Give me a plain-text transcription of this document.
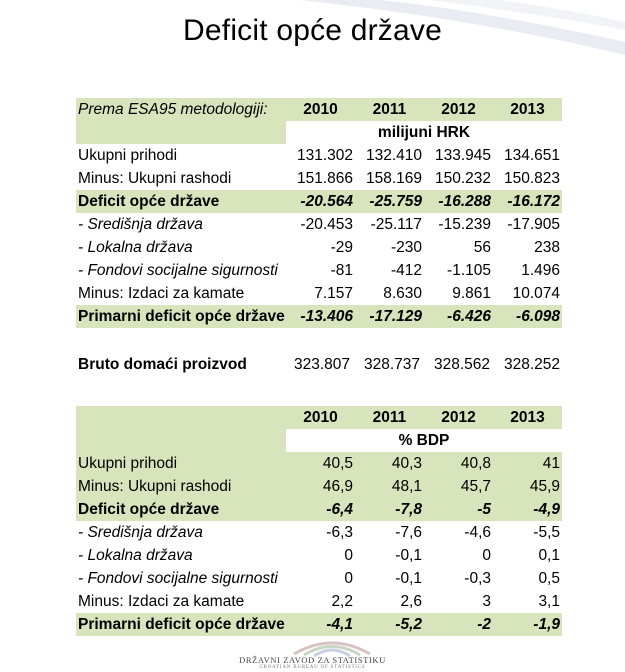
Deficit opće države
Prema ESA95 metodologiji:	2010	2011	2012	2013
	milijuni HRK			
Ukupni prihodi	131.302	132.410	133.945	134.651
Minus: Ukupni rashodi	151.866	158.169	150.232	150.823
Deficit opće države	-20.564	-25.759	-16.288	-16.172
- Središnja država	-20.453	-25.117	-15.239	-17.905
- Lokalna država	-29	-230	56	238
- Fondovi socijalne sigurnosti	-81	-412	-1.105	1.496
Minus: Izdaci za kamate	7.157	8.630	9.861	10.074
Primarni deficit opće države	-13.406	-17.129	-6.426	-6.098
Bruto domaći proizvod	323.807 328.737 328.562 328.252
	2010	2011	2012	2013
	% BDP			
Ukupni prihodi	40,5	40,3	40,8	41
Minus: Ukupni rashodi	46,9	48,1	45,7	45,9
Deficit opće države	-6,4	-7,8	-5	-4,9
- Središnja država	-6,3	-7,6	-4,6	-5,5
- Lokalna država	0	-0,1	0	0,1
- Fondovi socijalne sigurnosti	0	-0,1	-0,3	0,5
Minus: Izdaci za kamate	2,2	2,6	3	3,1
Primarni deficit opće države	-4,1	-5,2	-2	-1,9
DRŽAVNI ZAVOD ZA STATISTIKU
CROATIAN BUREAU OF STATISTICS
